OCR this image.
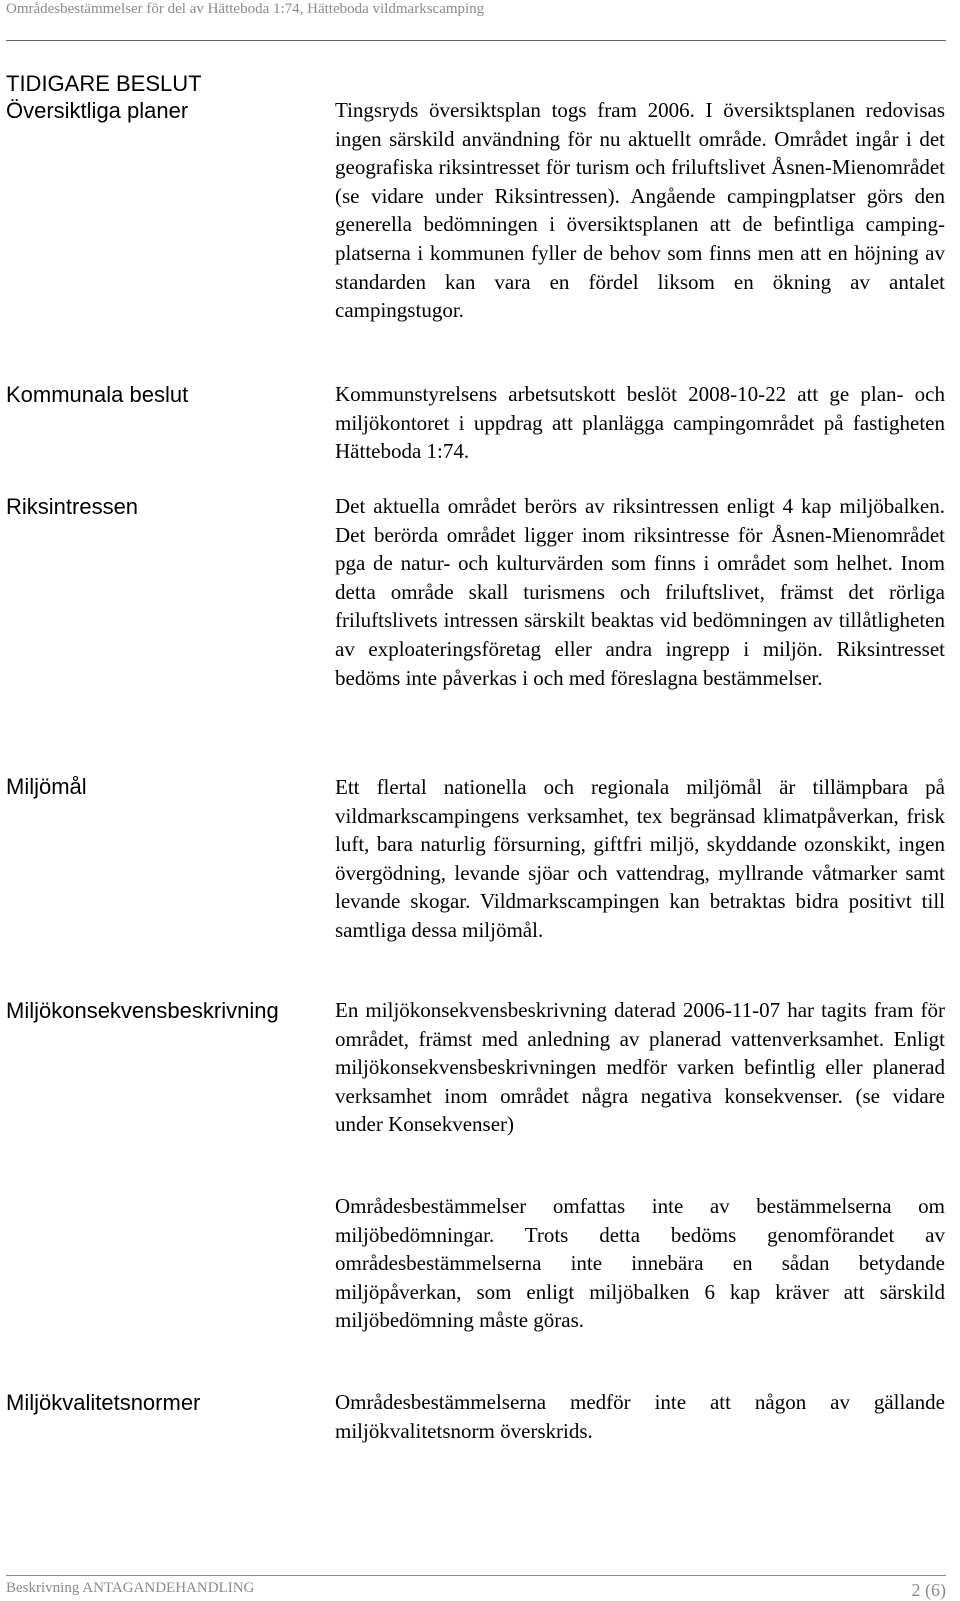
Områdesbestämmelser för del av Hätteboda 1:74, Hätteboda vildmarkscamping
TIDIGARE BESLUT
Översiktliga planer	Tingsryds översiktsplan togs fram 2006. I översiktsplanen redovisas ingen särskild användning för nu aktuellt område. Området ingår i det geografiska riksintresset för turism och friluftslivet Åsnen-Mienområdet (se vidare under Riksintressen). Angående campingplatser görs den generella bedömningen i översiktsplanen att de befintliga campingplatserna i kommunen fyller de behov som finns men att en höjning av standarden kan vara en fördel liksom en ökning av antalet campingstugor.
Kommunala beslut	Kommunstyrelsens arbetsutskott beslöt 2008-10-22 att ge plan- och miljökontoret i uppdrag att planlägga campingområdet på fastigheten Hätteboda 1:74.
Riksintressen	Det aktuella området berörs av riksintressen enligt 4 kap miljöbalken. Det berörda området ligger inom riksintresse för Åsnen-Mienområdet pga de natur- och kulturvärden som finns i området som helhet. Inom detta område skall turismens och friluftslivet, främst det rörliga friluftslivets intressen särskilt beaktas vid bedömningen av tillåtligheten av exploateringsföretag eller andra ingrepp i miljön. Riksintresset bedöms inte påverkas i och med föreslagna bestämmelser.
Miljömål	Ett flertal nationella och regionala miljömål är tillämpbara på vildmarkscampingens verksamhet, tex begränsad klimatpåverkan, frisk luft, bara naturlig försurning, giftfri miljö, skyddande ozonskikt, ingen övergödning, levande sjöar och vattendrag, myllrande våtmarker samt levande skogar. Vildmarkscampingen kan betraktas bidra positivt till samtliga dessa miljömål.
Miljökonsekvensbeskrivning	En miljökonsekvensbeskrivning daterad 2006-11-07 har tagits fram för området, främst med anledning av planerad vattenverksamhet. Enligt miljökonsekvensbeskrivningen medför varken befintlig eller planerad verksamhet inom området några negativa konsekvenser. (se vidare under Konsekvenser)
Områdesbestämmelser omfattas inte av bestämmelserna om miljöbedömningar. Trots detta bedöms genomförandet av områdesbestämmelserna inte innebära en sådan betydande miljöpåverkan, som enligt miljöbalken 6 kap kräver att särskild miljöbedömning måste göras.
Miljökvalitetsnormer	Områdesbestämmelserna medför inte att någon av gällande miljökvalitetsnorm överskrids.
Beskrivning ANTAGANDEHANDLING	2 (6)
